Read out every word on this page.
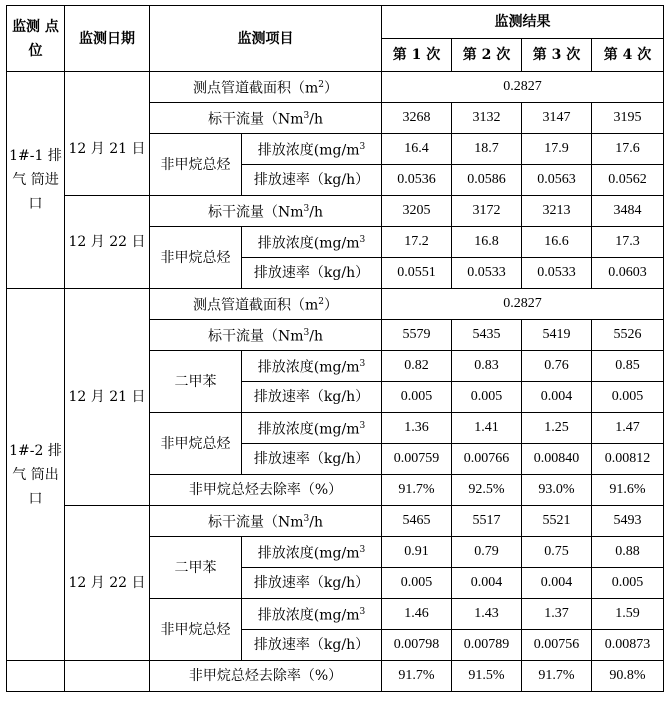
监测 点位	监测日期	监测项目		监测结果			
				第 1 次	第 2 次	第 3 次	第 4 次
1#-1 排气 筒进 口		测点管道截面积$(m^2)$		0.2827			
	12 月 21 日	标干流量（Nm$^3$/h		3268	3132	3147	3195
		非甲烷总烃	排放浓度($mg/m^3$	16.4	18.7	17.9	17.6
			排放速率（kg/h）	0.0536	0.0586	0.0563	0.0562
	12 月 22 日	标干流量（Nm$^3$/h		3205	3172	3213	3484
		非甲烷总烃	排放浓度($mg/m^3$	17.2	16.8	16.6	17.3
			排放速率（kg/h）	0.0551	0.0533	0.0533	0.0603
1#-2 排气 筒出 口	12 月 21 日	测点管道截面积$(m^2)$		0.2827			
		标干流量（Nm$^3$/h		5579	5435	5419	5526
		二甲苯	排放浓度($mg/m^3$	0.82	0.83	0.76	0.85
			排放速率（kg/h）	0.005	0.005	0.004	0.005
		非甲烷总烃	排放浓度($mg/m^3$	1.36	1.41	1.25	1.47
			排放速率（kg/h）	0.00759	0.00766	0.00840	0.00812
		非甲烷总烃去除率（%）		91.7%	92.5%	93.0%	91.6%
	12 月 22 日	标干流量（Nm$^3$/h		5465	5517	5521	5493
		二甲苯	排放浓度($mg/m^3$	0.91	0.79	0.75	0.88
			排放速率（kg/h）	0.005	0.004	0.004	0.005
		非甲烷总烃	排放浓度($mg/m^3$	1.46	1.43	1.37	1.59
			排放速率（kg/h）	0.00798	0.00789	0.00756	0.00873
		非甲烷总烃去除率（%）		91.7%	91.5%	91.7%	90.8%
